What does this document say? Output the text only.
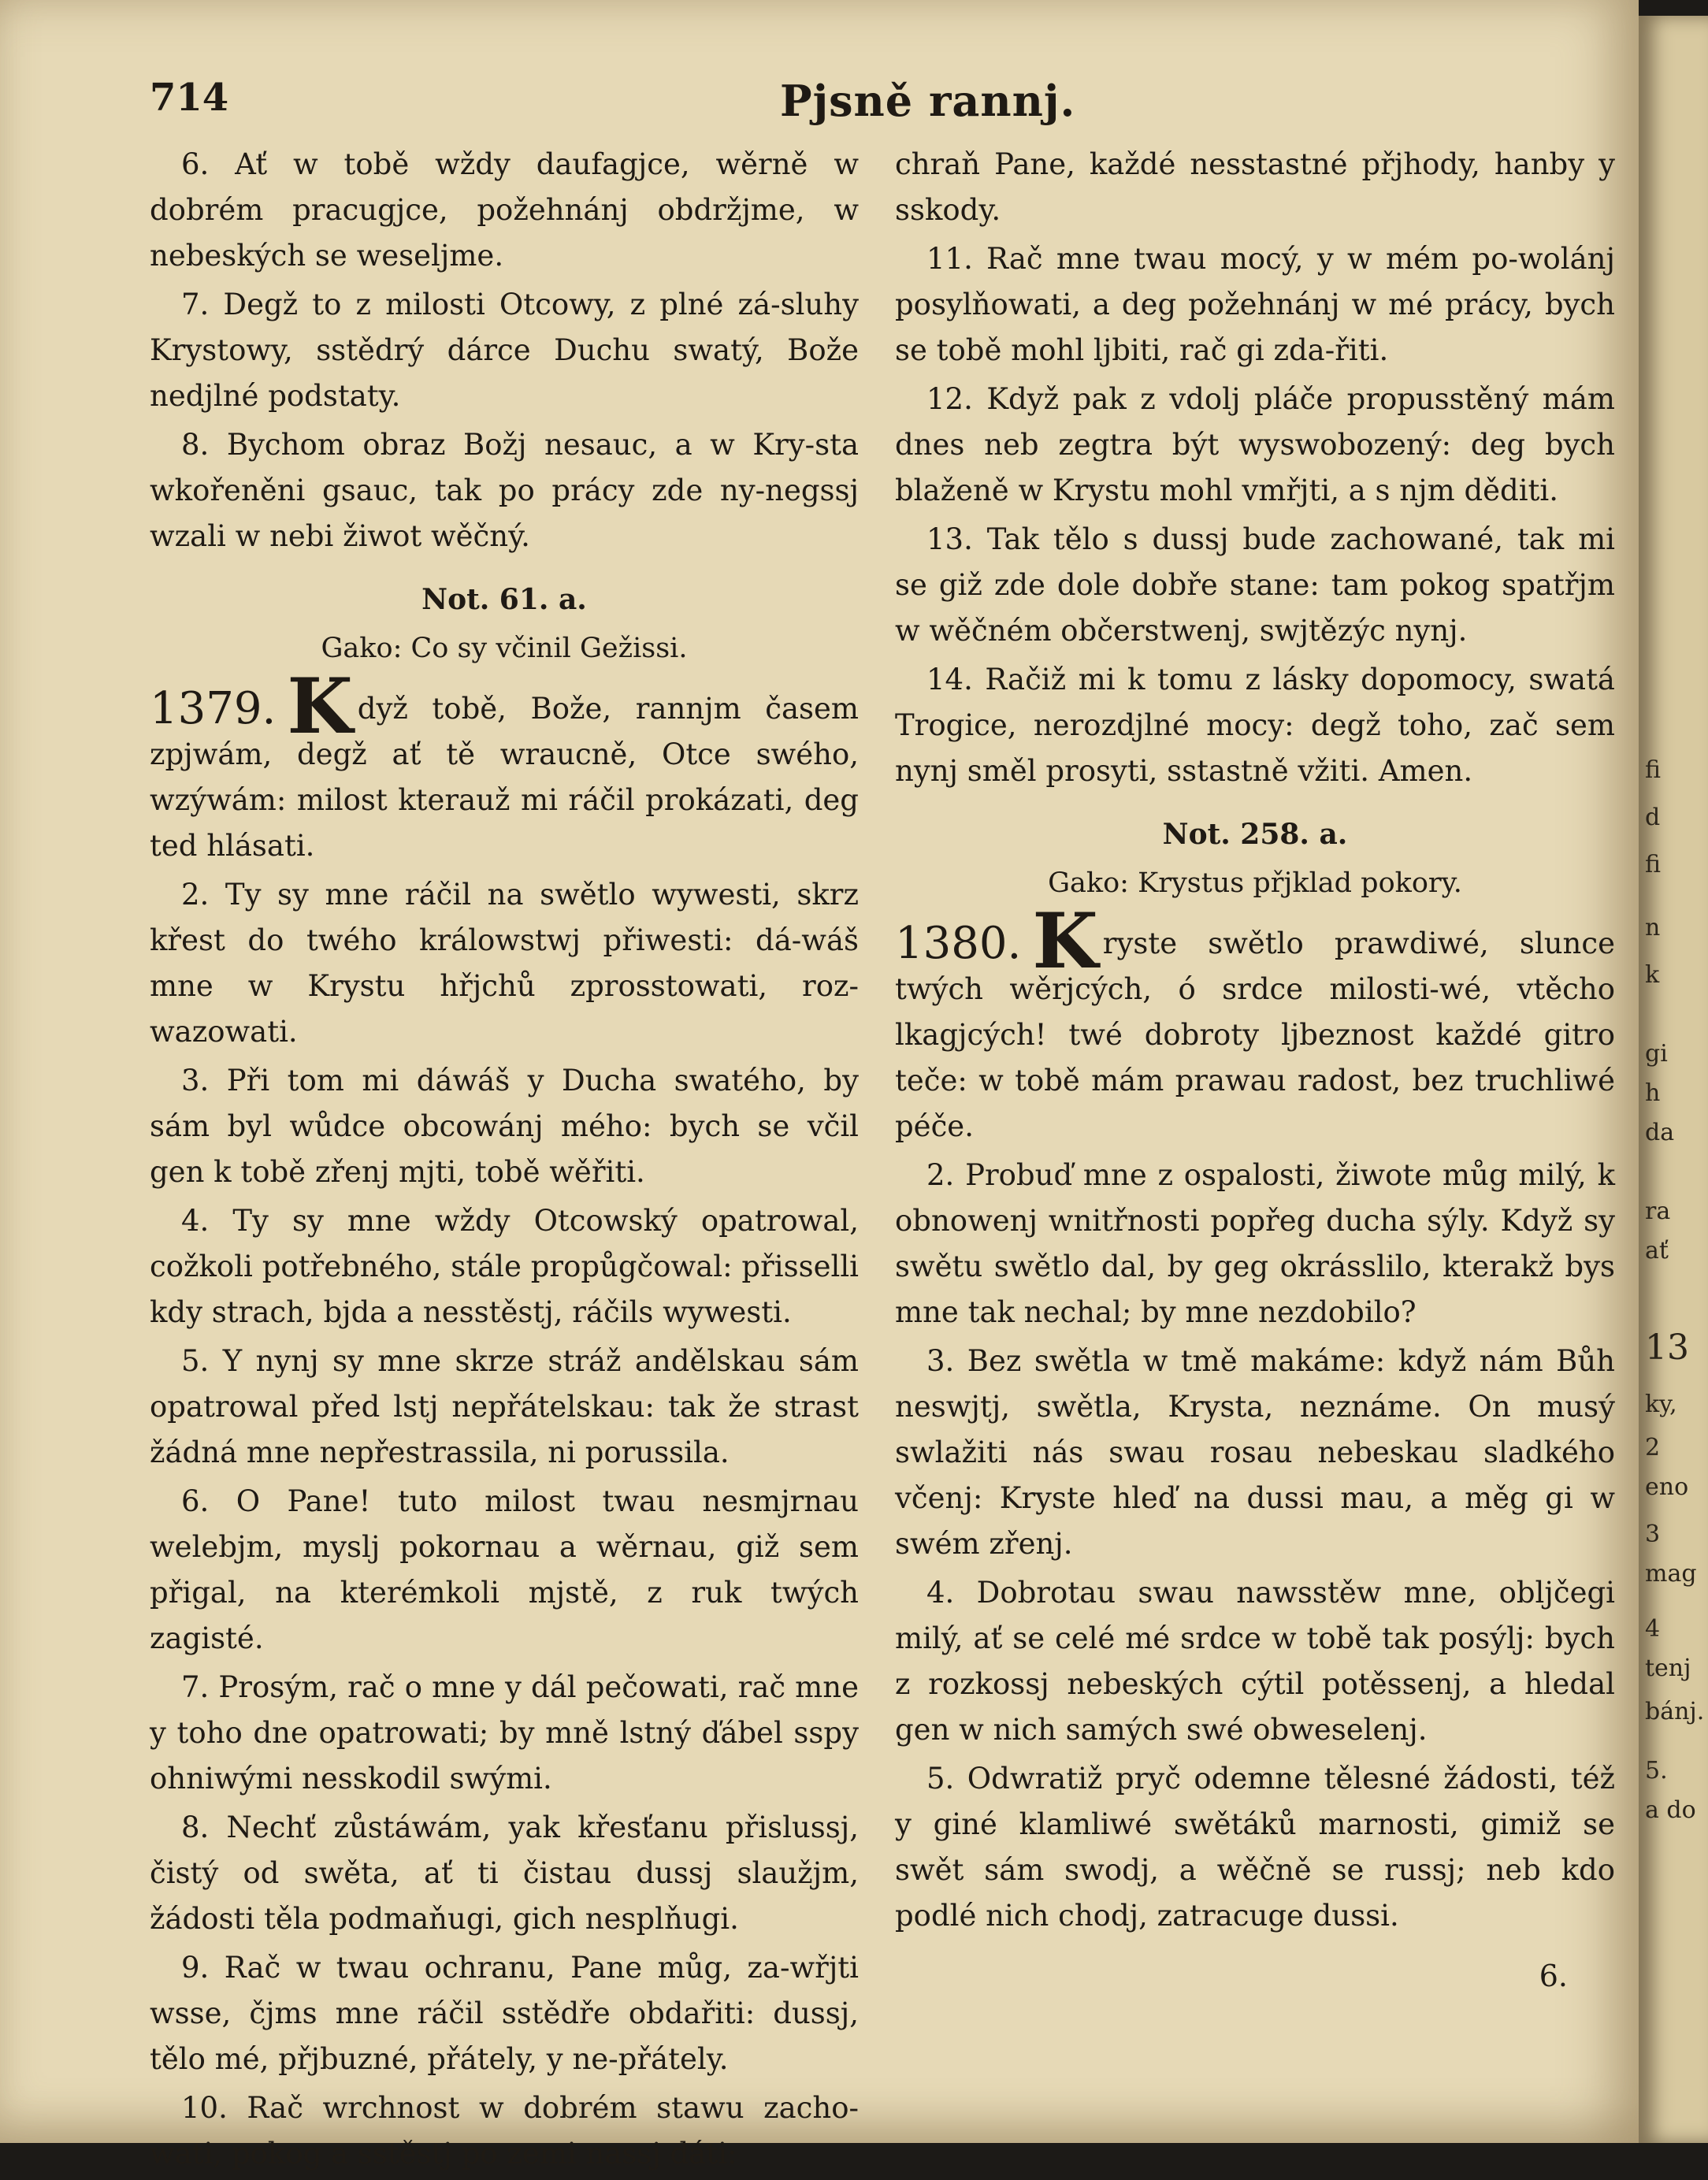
714	Pjsně rannj.

6. Ať w tobě wždy daufagjce, wěrně w dobrém pracugjce, požehnánj obdržjme, w nebeských se weseljme.

7. Degž to z milosti Otcowy, z plné zá-sluhy Krystowy, sstědrý dárce Duchu swatý, Bože nedjlné podstaty.

8. Bychom obraz Božj nesauc, a w Kry-sta wkořeněni gsauc, tak po prácy zde ny-negssj wzali w nebi žiwot wěčný.

Not. 61. a.
Gako: Co sy včinil Gežissi.

1379. K dyž tobě, Bože, rannjm časem zpjwám, degž ať tě wraucně, Otce swého, wzýwám: milost kterauž mi ráčil prokázati, deg ted hlásati.

2. Ty sy mne ráčil na swětlo wywesti, skrz křest do twého králowstwj přiwesti: dá-wáš mne w Krystu hřjchů zprosstowati, roz-wazowati.

3. Při tom mi dáwáš y Ducha swatého, by sám byl wůdce obcowánj mého: bych se včil gen k tobě zřenj mjti, tobě wěřiti.

4. Ty sy mne wždy Otcowský opatrowal, cožkoli potřebného, stále propůgčowal: přisselli kdy strach, bjda a nesstěstj, ráčils wywesti.

5. Y nynj sy mne skrze stráž andělskau sám opatrowal před lstj nepřátelskau: tak že strast žádná mne nepřestrassila, ni porussila.

6. O Pane! tuto milost twau nesmjrnau welebjm, myslj pokornau a wěrnau, giž sem přigal, na kterémkoli mjstě, z ruk twých zagisté.

7. Prosým, rač o mne y dál pečowati, rač mne y toho dne opatrowati; by mně lstný ďábel sspy ohniwými nesskodil swými.

8. Nechť zůstáwám, yak křesťanu přislussj, čistý od swěta, ať ti čistau dussj slaužjm, žádosti těla podmaňugi, gich nesplňugi.

9. Rač w twau ochranu, Pane můg, za-wřjti wsse, čjms mne ráčil sstědře obdařiti: dussj, tělo mé, přjbuzné, přátely, y ne-přátely.

10. Rač wrchnost w dobrém stawu zacho-wati, pokog a sstěstj po zemi nassj dáti:

chraň Pane, každé nesstastné přjhody, hanby y sskody.

11. Rač mne twau mocý, y w mém po-wolánj posylňowati, a deg požehnánj w mé prácy, bych se tobě mohl ljbiti, rač gi zda-řiti.

12. Když pak z vdolj pláče propusstěný mám dnes neb zegtra být wyswobozený: deg bych blaženě w Krystu mohl vmřjti, a s njm děditi.

13. Tak tělo s dussj bude zachowané, tak mi se giž zde dole dobře stane: tam pokog spatřjm w wěčném občerstwenj, swjtězýc nynj.

14. Račiž mi k tomu z lásky dopomocy, swatá Trogice, nerozdjlné mocy: degž toho, zač sem nynj směl prosyti, sstastně vžiti. Amen.

Not. 258. a.
Gako: Krystus přjklad pokory.

1380. K ryste swětlo prawdiwé, slunce twých wěrjcých, ó srdce milosti-wé, vtěcho lkagjcých! twé dobroty ljbeznost každé gitro teče: w tobě mám prawau radost, bez truchliwé péče.

2. Probuď mne z ospalosti, žiwote můg milý, k obnowenj wnitřnosti popřeg ducha sýly. Když sy swětu swětlo dal, by geg okrásslilo, kterakž bys mne tak nechal; by mne nezdobilo?

3. Bez swětla w tmě makáme: když nám Bůh neswjtj, swětla, Krysta, neznáme. On musý swlažiti nás swau rosau nebeskau sladkého včenj: Kryste hleď na dussi mau, a měg gi w swém zřenj.

4. Dobrotau swau nawsstěw mne, obljčegi milý, ať se celé mé srdce w tobě tak posýlj: bych z rozkossj nebeských cýtil potěssenj, a hledal gen w nich samých swé obweselenj.

5. Odwratiž pryč odemne tělesné žádosti, též y giné klamliwé swětáků marnosti, gimiž se swět sám swodj, a wěčně se russj; neb kdo podlé nich chodj, zatracuge dussi.

6.
fi
d
fi
n
k
gi
h
da
ra
ať
13
ky,
2
eno
3
mag
4
tenj
bánj.
5.
a do
